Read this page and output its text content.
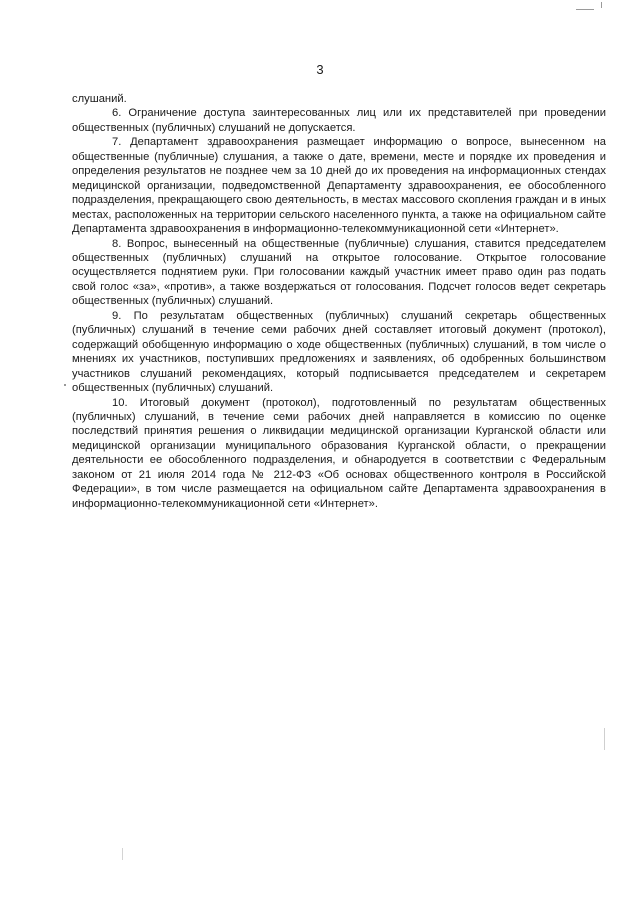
3

слушаний.

6. Ограничение доступа заинтересованных лиц или их представителей при проведении общественных (публичных) слушаний не допускается.

7. Департамент здравоохранения размещает информацию о вопросе, вынесенном на общественные (публичные) слушания, а также о дате, времени, месте и порядке их проведения и определения результатов не позднее чем за 10 дней до их проведения на информационных стендах медицинской организации, подведомственной Департаменту здравоохранения, ее обособленного подразделения, прекращающего свою деятельность, в местах массового скопления граждан и в иных местах, расположенных на территории сельского населенного пункта, а также на официальном сайте Департамента здравоохранения в информационно-телекоммуникационной сети «Интернет».

8. Вопрос, вынесенный на общественные (публичные) слушания, ставится председателем общественных (публичных) слушаний на открытое голосование. Открытое голосование осуществляется поднятием руки. При голосовании каждый участник имеет право один раз подать свой голос «за», «против», а также воздержаться от голосования. Подсчет голосов ведет секретарь общественных (публичных) слушаний.

9. По результатам общественных (публичных) слушаний секретарь общественных (публичных) слушаний в течение семи рабочих дней составляет итоговый документ (протокол), содержащий обобщенную информацию о ходе общественных (публичных) слушаний, в том числе о мнениях их участников, поступивших предложениях и заявлениях, об одобренных большинством участников слушаний рекомендациях, который подписывается председателем и секретарем общественных (публичных) слушаний.

10. Итоговый документ (протокол), подготовленный по результатам общественных (публичных) слушаний, в течение семи рабочих дней направляется в комиссию по оценке последствий принятия решения о ликвидации медицинской организации Курганской области или медицинской организации муниципального образования Курганской области, о прекращении деятельности ее обособленного подразделения, и обнародуется в соответствии с Федеральным законом от 21 июля 2014 года № 212-ФЗ «Об основах общественного контроля в Российской Федерации», в том числе размещается на официальном сайте Департамента здравоохранения в информационно-телекоммуникационной сети «Интернет».
